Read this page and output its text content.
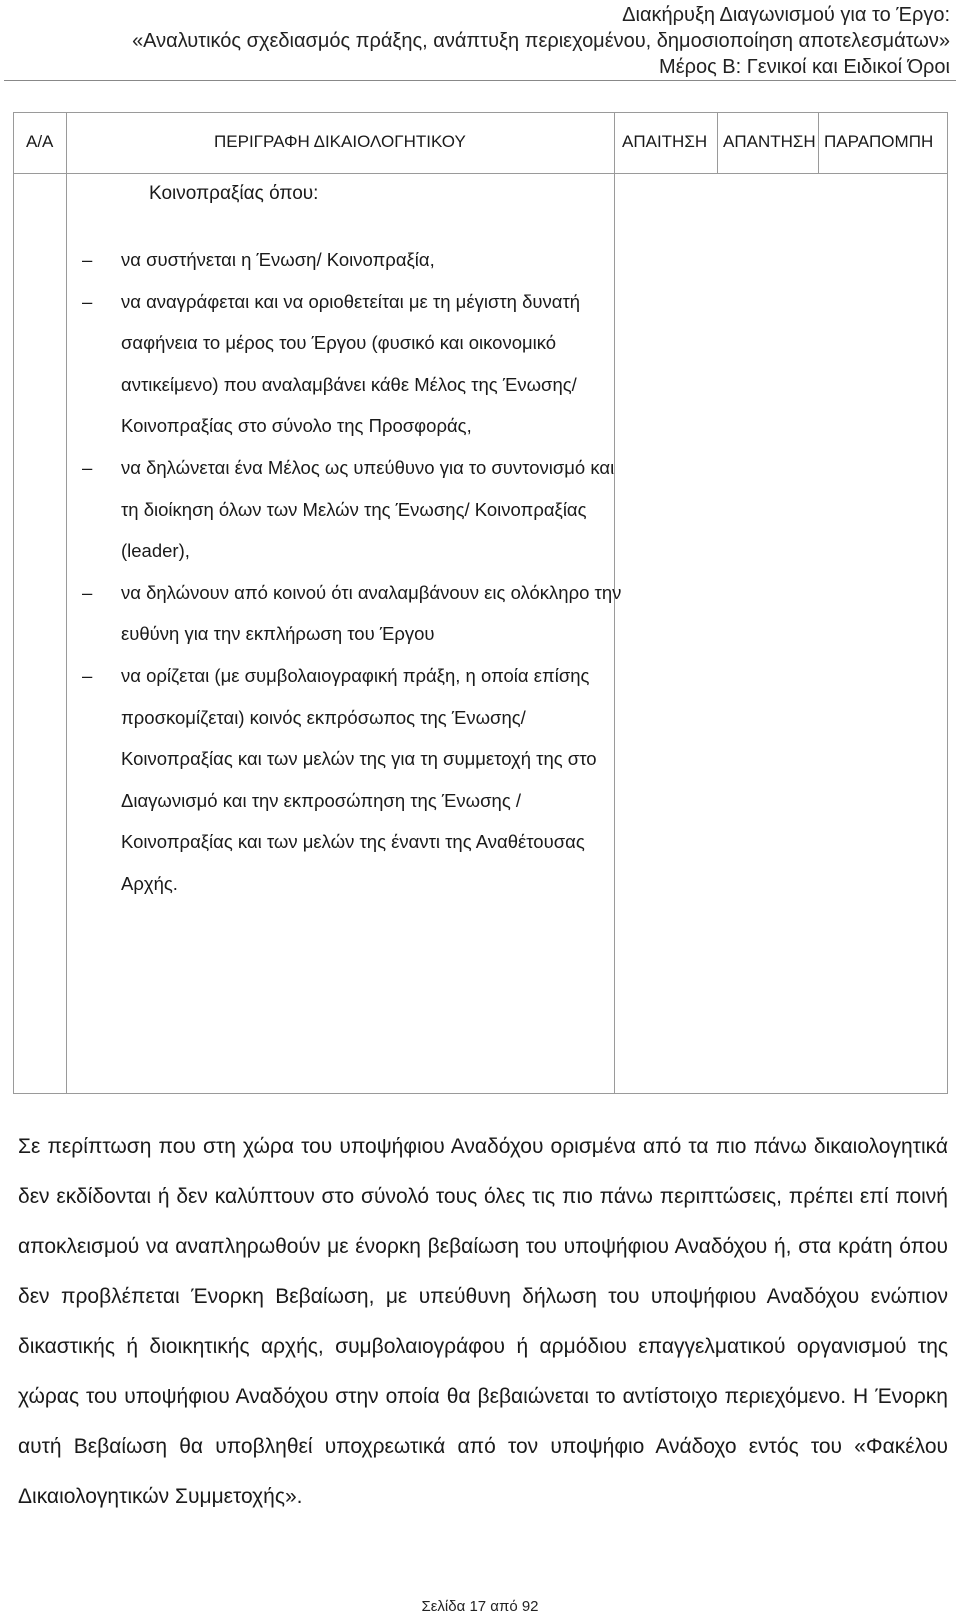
Διακήρυξη Διαγωνισμού για το Έργο:
«Αναλυτικός σχεδιασμός πράξης, ανάπτυξη περιεχομένου, δημοσιοποίηση αποτελεσμάτων»
Μέρος Β: Γενικοί και Ειδικοί Όροι
Α/Α	ΠΕΡΙΓΡΑΦΗ ΔΙΚΑΙΟΛΟΓΗΤΙΚΟΥ	ΑΠΑΙΤΗΣΗ ΑΠΑΝΤΗΣΗ ΠΑΡΑΠΟΜΠΗ
Κοινοπραξίας όπου:
– να συστήνεται η Ένωση/ Κοινοπραξία,
– να αναγράφεται και να οριοθετείται με τη μέγιστη δυνατή σαφήνεια το μέρος του Έργου (φυσικό και οικονομικό αντικείμενο) που αναλαμβάνει κάθε Μέλος της Ένωσης/ Κοινοπραξίας στο σύνολο της Προσφοράς,
– να δηλώνεται ένα Μέλος ως υπεύθυνο για το συντονισμό και τη διοίκηση όλων των Μελών της Ένωσης/ Κοινοπραξίας (leader),
– να δηλώνουν από κοινού ότι αναλαμβάνουν εις ολόκληρο την ευθύνη για την εκπλήρωση του Έργου
– να ορίζεται (με συμβολαιογραφική πράξη, η οποία επίσης προσκομίζεται) κοινός εκπρόσωπος της Ένωσης/ Κοινοπραξίας και των μελών της για τη συμμετοχή της στο Διαγωνισμό και την εκπροσώπηση της Ένωσης / Κοινοπραξίας και των μελών της έναντι της Αναθέτουσας Αρχής.
Σε περίπτωση που στη χώρα του υποψήφιου Αναδόχου ορισμένα από τα πιο πάνω δικαιολογητικά δεν εκδίδονται ή δεν καλύπτουν στο σύνολό τους όλες τις πιο πάνω περιπτώσεις, πρέπει επί ποινή αποκλεισμού να αναπληρωθούν με ένορκη βεβαίωση του υποψήφιου Αναδόχου ή, στα κράτη όπου δεν προβλέπεται Ένορκη Βεβαίωση, με υπεύθυνη δήλωση του υποψήφιου Αναδόχου ενώπιον δικαστικής ή διοικητικής αρχής, συμβολαιογράφου ή αρμόδιου επαγγελματικού οργανισμού της χώρας του υποψήφιου Αναδόχου στην οποία θα βεβαιώνεται το αντίστοιχο περιεχόμενο. Η Ένορκη αυτή Βεβαίωση θα υποβληθεί υποχρεωτικά από τον υποψήφιο Ανάδοχο εντός του «Φακέλου Δικαιολογητικών Συμμετοχής».
Σελίδα 17 από 92
